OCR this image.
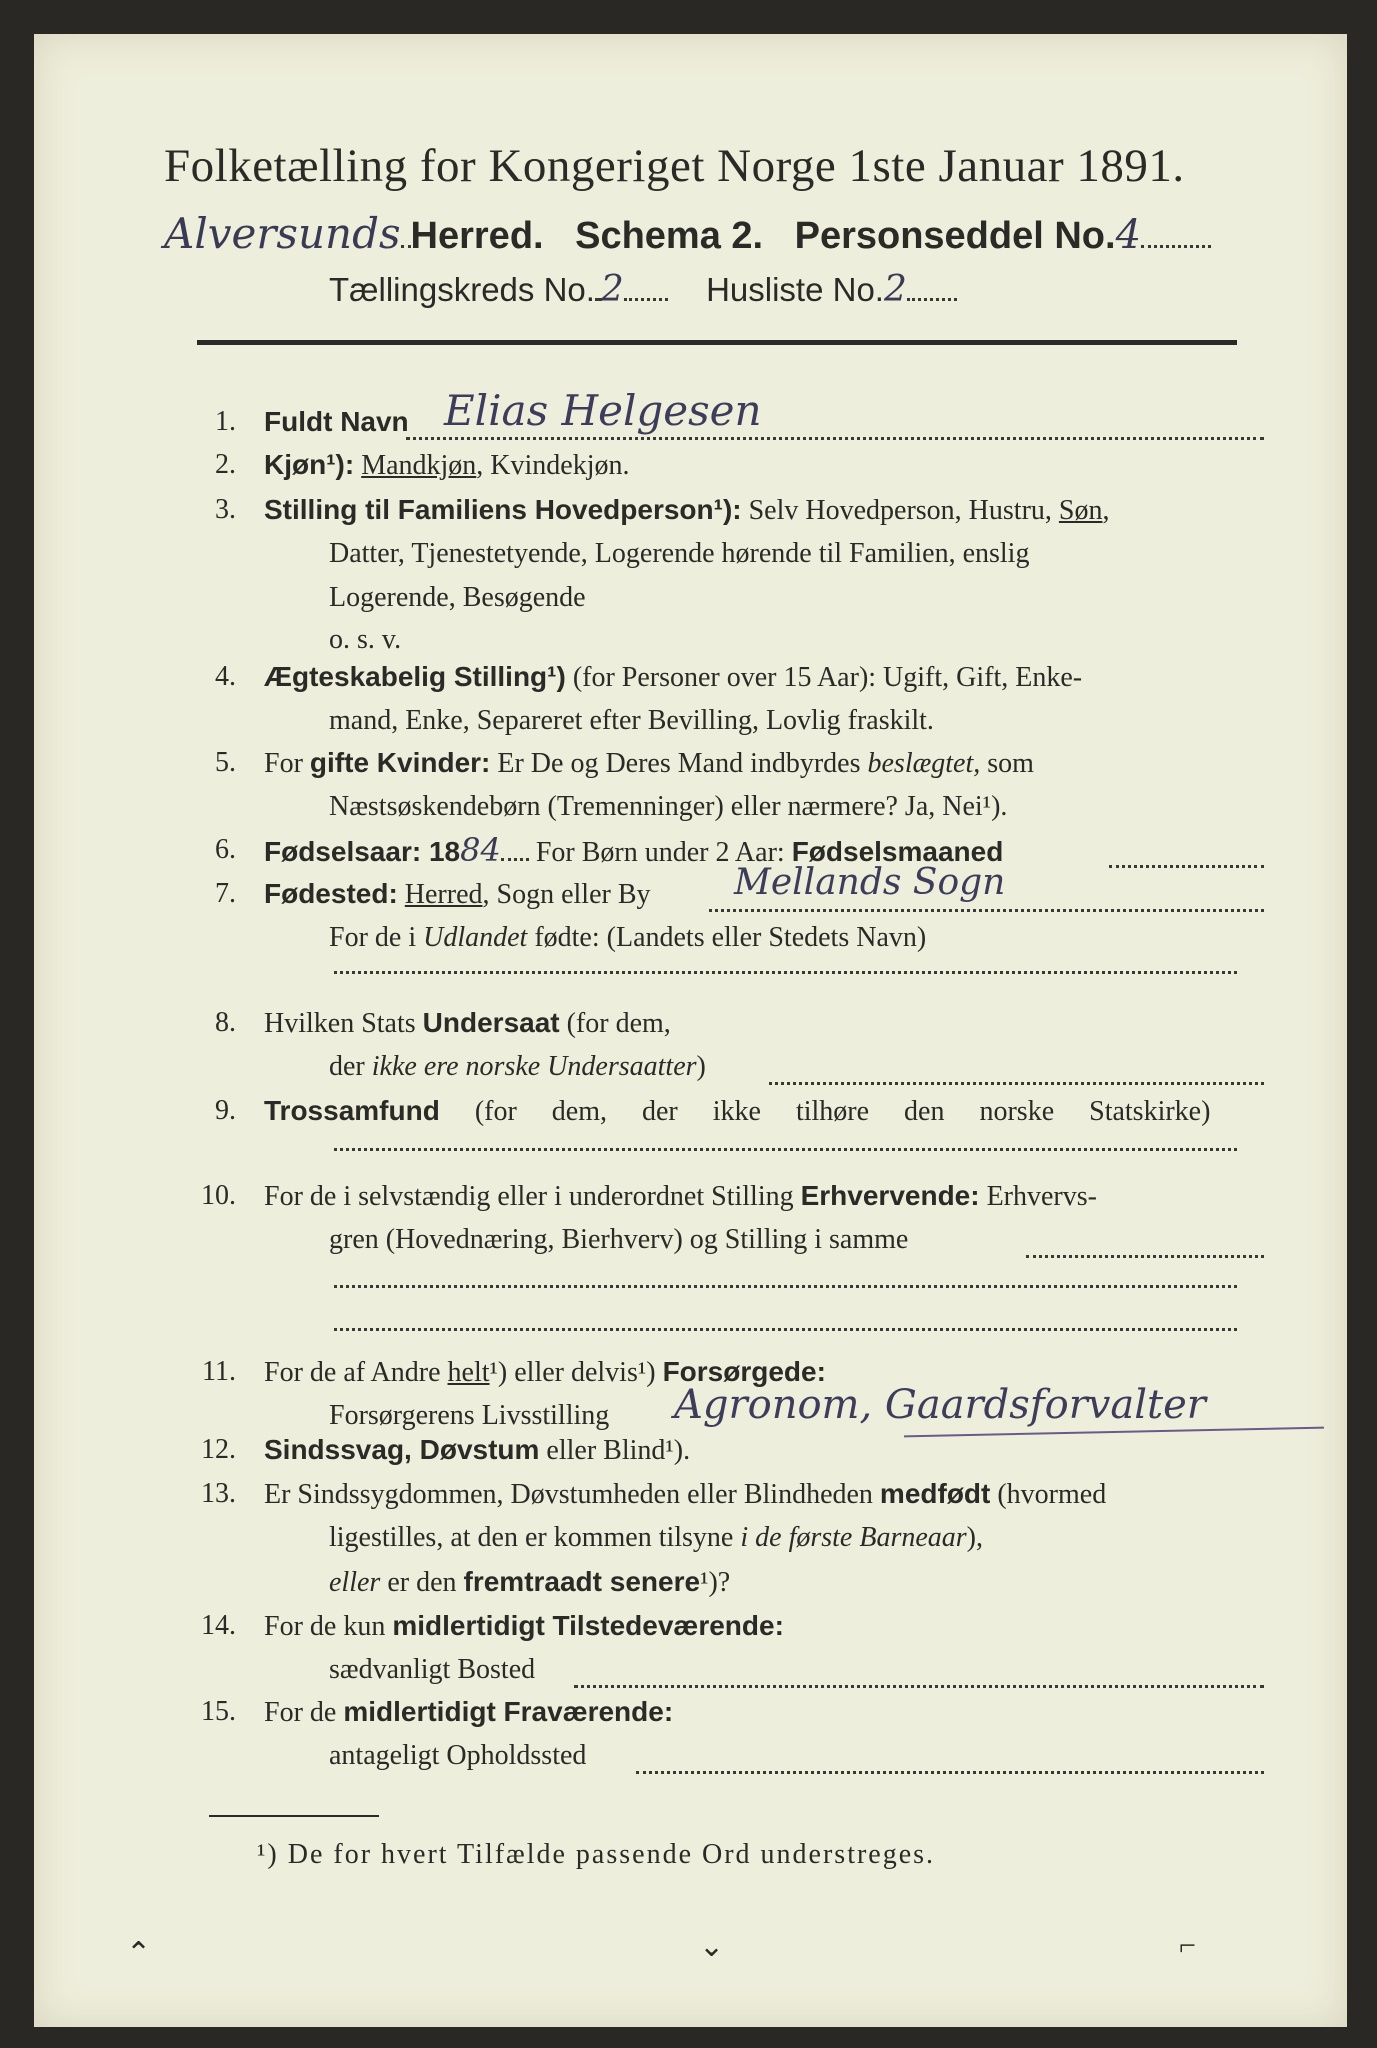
Folketælling for Kongeriget Norge 1ste Januar 1891.
Alversunds Herred. Schema 2. Personseddel No.4
Tællingskreds No. 2 Husliste No.2
1. Fuldt Navn Elias Helgesen
2. Kjøn¹): Mandkjøn, Kvindekjøn.
3. Stilling til Familiens Hovedperson¹): Selv Hovedperson, Hustru, Søn,
Datter, Tjenestetyende, Logerende hørende til Familien, enslig
Logerende, Besøgende
o. s. v.
4. Ægteskabelig Stilling¹) (for Personer over 15 Aar): Ugift, Gift, Enke-
mand, Enke, Separeret efter Bevilling, Lovlig fraskilt.
5. For gifte Kvinder: Er De og Deres Mand indbyrdes beslægtet, som
Næstsøskendebørn (Tremenninger) eller nærmere? Ja, Nei¹).
6. Fødselsaar: 1884 For Børn under 2 Aar: Fødselsmaaned
7. Fødested: Herred, Sogn eller By
For de i Udlandet fødte: (Landets eller Stedets Navn)
Mellands Sogn
8. Hvilken Stats Undersaat (for dem,
der ikke ere norske Undersaatter)
9. Trossamfund (for dem, der ikke tilhøre den norske Statskirke)
10. For de i selvstændig eller i underordnet Stilling Erhvervende: Erhvervs-
gren (Hovednæring, Bierhverv) og Stilling i samme
11. For de af Andre helt¹) eller delvis¹) Forsørgede:
Forsørgerens Livsstilling Agronom, Gaardsforvalter
12. Sindssvag, Døvstum eller Blind¹).
13. Er Sindssygdommen, Døvstumheden eller Blindheden medfødt (hvormed
ligestilles, at den er kommen tilsyne i de første Barneaar),
eller er den fremtraadt senere¹)?
14. For de kun midlertidigt Tilstedeværende:
sædvanligt Bosted
15. For de midlertidigt Fraværende:
antageligt Opholdssted
¹) De for hvert Tilfælde passende Ord understreges.
⌃	⌄	⌐
